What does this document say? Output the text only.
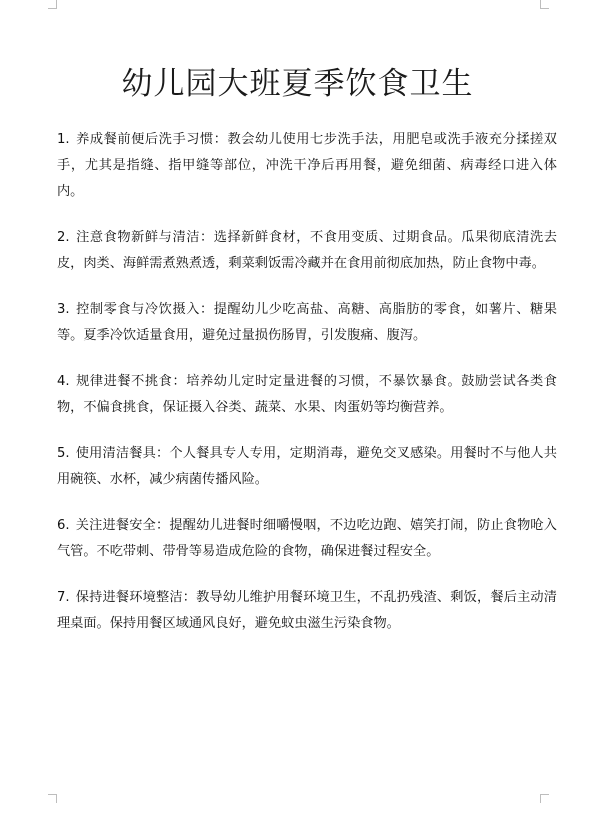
幼儿园大班夏季饮食卫生

1. 养成餐前便后洗手习惯：教会幼儿使用七步洗手法，用肥皂或洗手液充分揉搓双手，尤其是指缝、指甲缝等部位，冲洗干净后再用餐，避免细菌、病毒经口进入体内。

2. 注意食物新鲜与清洁：选择新鲜食材，不食用变质、过期食品。瓜果彻底清洗去皮，肉类、海鲜需煮熟煮透，剩菜剩饭需冷藏并在食用前彻底加热，防止食物中毒。

3. 控制零食与冷饮摄入：提醒幼儿少吃高盐、高糖、高脂肪的零食，如薯片、糖果等。夏季冷饮适量食用，避免过量损伤肠胃，引发腹痛、腹泻。

4. 规律进餐不挑食：培养幼儿定时定量进餐的习惯，不暴饮暴食。鼓励尝试各类食物，不偏食挑食，保证摄入谷类、蔬菜、水果、肉蛋奶等均衡营养。

5. 使用清洁餐具：个人餐具专人专用，定期消毒，避免交叉感染。用餐时不与他人共用碗筷、水杯，减少病菌传播风险。

6. 关注进餐安全：提醒幼儿进餐时细嚼慢咽，不边吃边跑、嬉笑打闹，防止食物呛入气管。不吃带刺、带骨等易造成危险的食物，确保进餐过程安全。

7. 保持进餐环境整洁：教导幼儿维护用餐环境卫生，不乱扔残渣、剩饭，餐后主动清理桌面。保持用餐区域通风良好，避免蚊虫滋生污染食物。
